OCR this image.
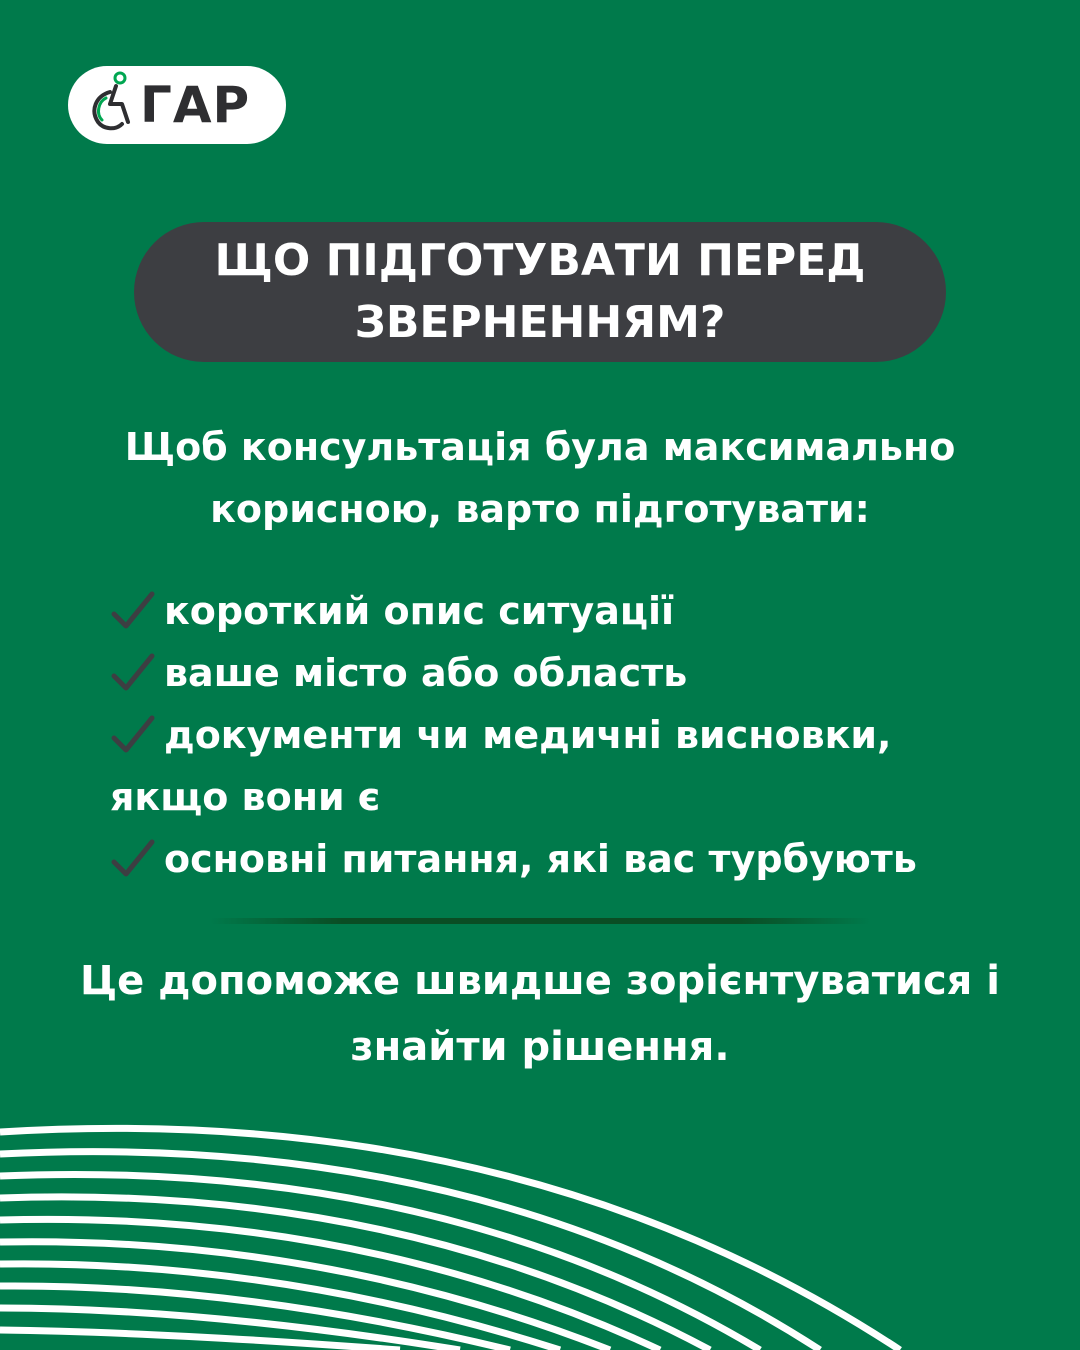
ГАР
ЩО ПІДГОТУВАТИ ПЕРЕД ЗВЕРНЕННЯМ?
Щоб консультація була максимально корисною, варто підготувати:
короткий опис ситуації
ваше місто або область
документи чи медичні висновки,
якщо вони є
основні питання, які вас турбують
Це допоможе швидше зорієнтуватися і знайти рішення.
